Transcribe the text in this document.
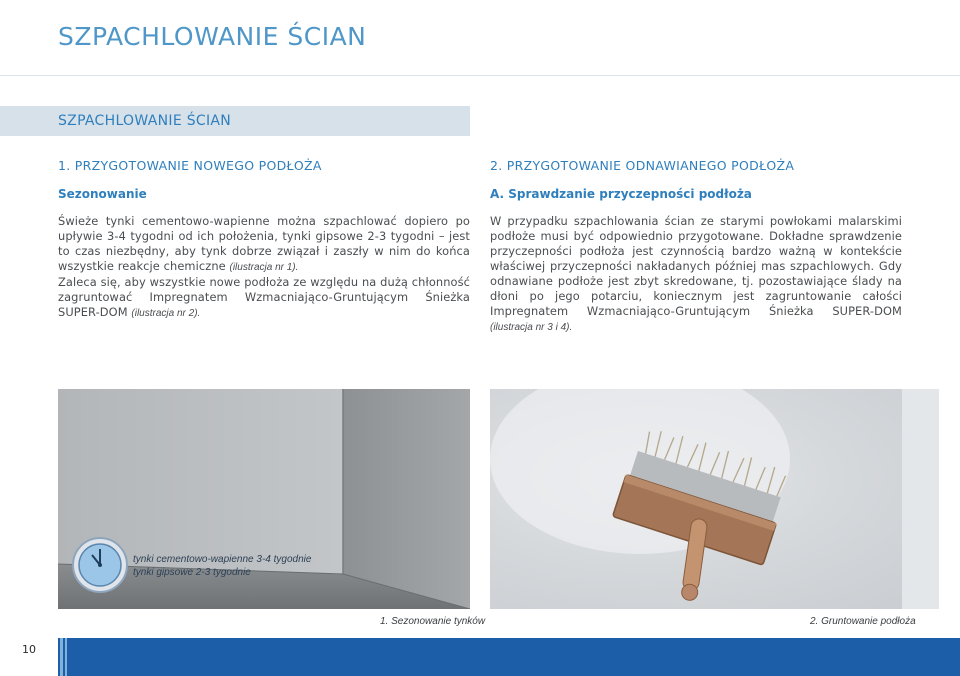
SZPACHLOWANIE ŚCIAN
SZPACHLOWANIE ŚCIAN
1. PRZYGOTOWANIE NOWEGO PODŁOŻA
Sezonowanie

Świeże tynki cementowo-wapienne można szpachlować dopiero po upływie 3-4 tygodni od ich położenia, tynki gipsowe 2-3 tygodni – jest to czas niezbędny, aby tynk dobrze związał i zaszły w nim do końca wszystkie reakcje chemiczne (ilustracja nr 1).

Zaleca się, aby wszystkie nowe podłoża ze względu na dużą chłonność zagruntować Impregnatem Wzmacniająco-Gruntującym Śnieżka SUPER-DOM (ilustracja nr 2).

2. PRZYGOTOWANIE ODNAWIANEGO PODŁOŻA
A. Sprawdzanie przyczepności podłoża

W przypadku szpachlowania ścian ze starymi powłokami malarskimi podłoże musi być odpowiednio przygotowane. Dokładne sprawdzenie przyczepności podłoża jest czynnością bardzo ważną w kontekście właściwej przyczepności nakładanych później mas szpachlowych. Gdy odnawiane podłoże jest zbyt skredowane, tj. pozostawiające ślady na dłoni po jego potarciu, koniecznym jest zagruntowanie całości Impregnatem Wzmacniająco-Gruntującym Śnieżka SUPER-DOM (ilustracja nr 3 i 4).

tynki cementowo-wapienne 3-4 tygodnie
tynki gipsowe 2-3 tygodnie
1. Sezonowanie tynków	2. Gruntowanie podłoża
10
